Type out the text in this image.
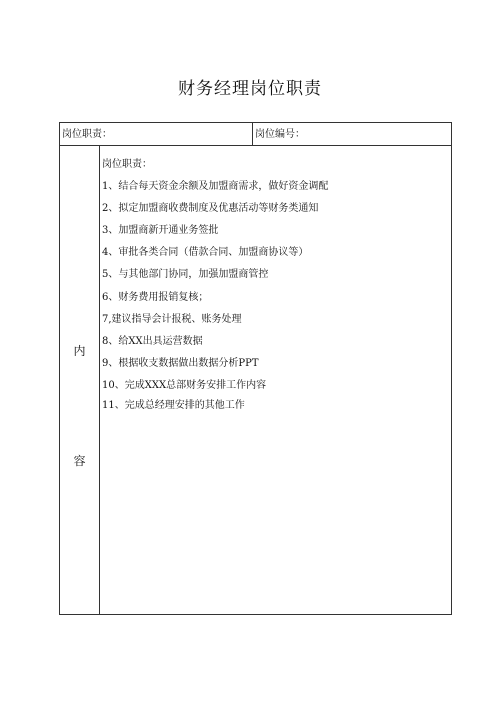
财务经理岗位职责
岗位职责：	岗位编号：
内
容
岗位职责：
1、结合每天资金余额及加盟商需求，做好资金调配
2、拟定加盟商收费制度及优惠活动等财务类通知
3、加盟商新开通业务签批
4、审批各类合同（借款合同、加盟商协议等）
5、与其他部门协同，加强加盟商管控
6、财务费用报销复核；
7,建议指导会计报税、账务处理
8、给XX出具运营数据
9、根据收支数据做出数据分析PPT
10、完成XXX总部财务安排工作内容
11、完成总经理安排的其他工作
